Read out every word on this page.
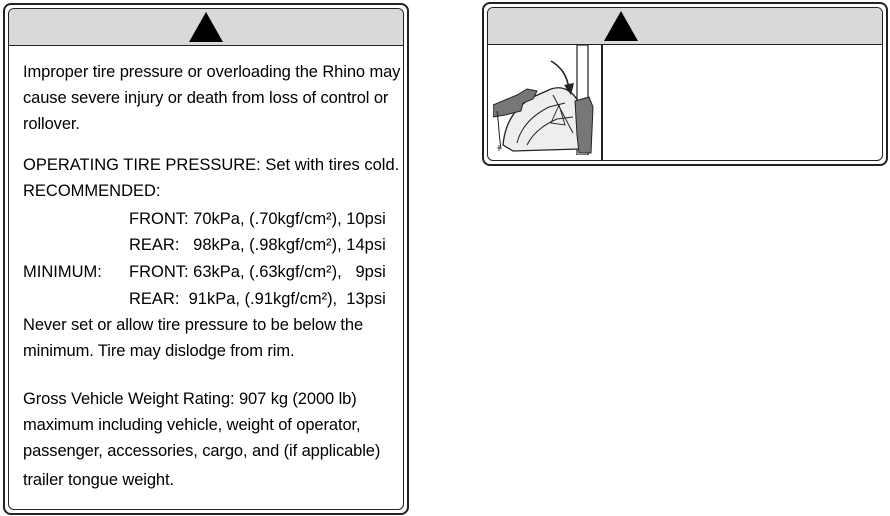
Improper tire pressure or overloading the Rhino may
cause severe injury or death from loss of control or
rollover.
OPERATING TIRE PRESSURE: Set with tires cold.
RECOMMENDED:
FRONT: 70kPa, (.70kgf/cm²), 10psi
REAR:   98kPa, (.98kgf/cm²), 14psi
MINIMUM: FRONT: 63kPa, (.63kgf/cm²),   9psi
REAR:  91kPa, (.91kgf/cm²),  13psi
Never set or allow tire pressure to be below the
minimum. Tire may dislodge from rim.
Gross Vehicle Weight Rating: 907 kg (2000 lb)
maximum including vehicle, weight of operator,
passenger, accessories, cargo, and (if applicable)
trailer tongue weight.
